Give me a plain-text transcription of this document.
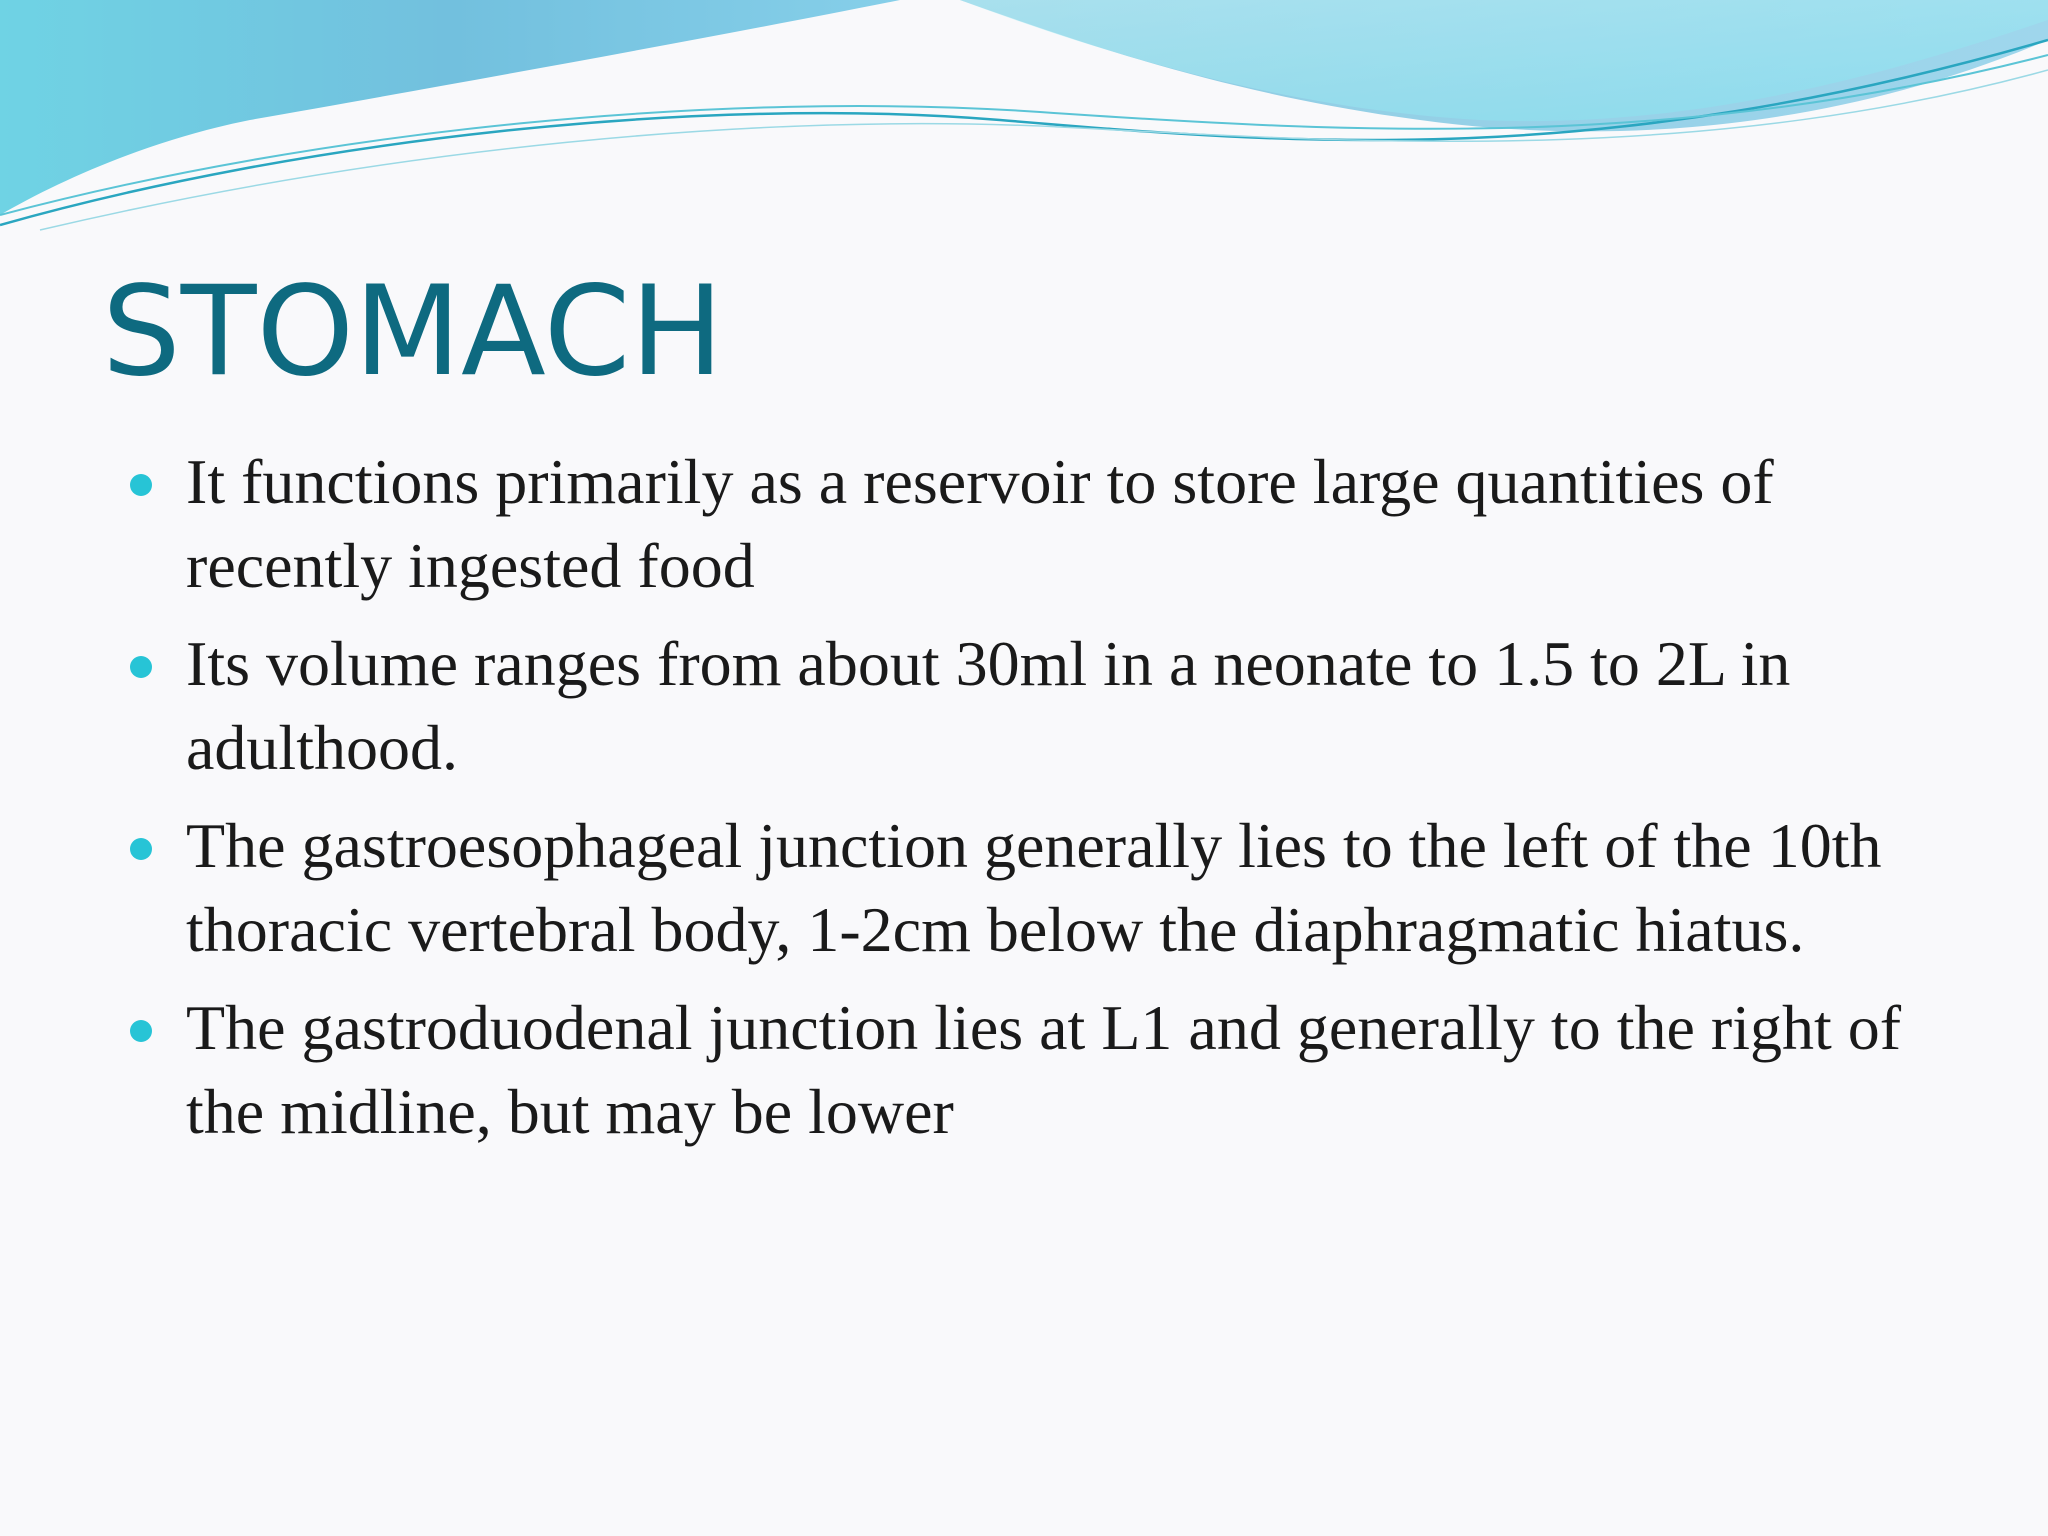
STOMACH
It functions primarily as a reservoir to store large quantities of recently ingested food
Its volume ranges from about 30ml in a neonate to 1.5 to 2L in adulthood.
The gastroesophageal junction generally lies to the left of the 10th thoracic vertebral body, 1-2cm below the diaphragmatic hiatus.
The gastroduodenal junction lies at L1 and generally to the right of the midline, but may be lower
